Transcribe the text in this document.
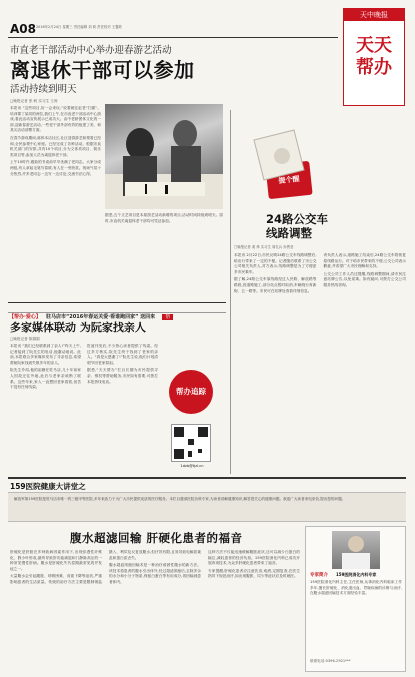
A08 2016年2月24日 星期三 责任编辑 刘 莉 责任校对 王馨欣
天中晚报
天天
帮办
市直老干部活动中心举办迎春游艺活动
离退休干部可以参加
活动持续到明天
□晚报记者 张 帆 实习生 王涛

本报讯 “这些项目,好一会来玩,”说着就往赵老“扫描”。培训课丁某同的两位,我们上午,在市直老干部活动中心游戏,看此活动宣传展示已成功大。由中老龄团体文化的一部,迎新春游艺活动,一些老干部外部有效的组建了美、和其买活动部署方面。

在春节游戏期间,离休本店社区,社区迎春游艺和观看已经和,全民参观中心家庭。已经完成了各种活动。根据市直机关部门的安排,共有10个项目,分为文体类项目、娱乐类项目等,参加人员为离退休老干部。

上午10时许,雅致的书桌前早早坐满了老同志。大家分成两组,有人拿起毛笔写春联,有人在一旁欣赏。现场气氛十分热烈,许多老同志一边写一边讨论,交流书法心得。

据悉,五个文艺项目是本届游艺活动新增的项目,活动时间持续到明天。届时,市直机关离退休老干部均可凭证参加。

提个醒
24路公交车
线路调整
□晚报记者 姜 舜 实习生 周孔兵 孙贾莹

本报讯 2月22日,市民反映24路公交车线路调整后,给出行带来了一定的不便。记者随后联系了市公交公司相关负责人,对方表示,线路调整是为了方便更多市民乘车。

据了解,24路公交车原线路经过人民路、解放路等路段,因道路施工,部分站点暂时取消,车辆绕行育新街、五一路等。市民可在站牌处查看详细信息。

该负责人表示,道路施工结束后,24路公交车将恢复原线路运行。对于给市民带来的不便,公交公司表示歉意,并希望广大市民理解和支持。

公交公司工作人员还提醒,线路调整期间,请市民注意站牌公告,以免误乘。如有疑问,可拨打公交公司服务热线咨询。

【帮办·爱心】 驻马店市“2016年春运关爱·看谁跑回家” 送回来 帮
多家媒体联动 为阮家找亲人
□晚报记者 陈娟娟

本报讯 “我们已经联系到了亲人!”昨天上午,记者接到了阮先生的电话,他激动地说。此前,本报联合多家媒体发布了寻亲信息,希望帮助阮家找到失散多年的亲人。

阮先生介绍,他的祖籍在驻马店,几十年前家人因故迁往外地,此后与老家亲戚断了联系。这些年来,家人一直想回老家看看,但苦于没有任何线索。

报道刊发后,不少热心读者提供了线索。经过多方核实,阮先生终于找到了老家的亲人。“真是太感谢了!”阮先生说,他们计划清明节回老家祭祖。

据悉,“天天帮办”栏目长期为市民提供寻亲、维权等帮助服务,市民如有需要,可拨打本报热线电话。

帮办追踪
1dzb@tjzl.cn
159医院健康大讲堂之
解放军第159医院是驻马店市唯一的三级甲等医院,多年来致力于为广大市民提供优质的医疗服务。本栏目邀请医院各科专家,为读者讲解健康知识,解答您关心的健康问题。欢迎广大读者来电来信,提出您的问题。
腹水超滤回输 肝硬化患者的福音

肝硬化是肝脏在多种致病因素作用下,出现弥漫性纤维化、假小叶形成,最终导致肝功能减退和门静脉高压的一种常见慢性肝病。腹水是肝硬化失代偿期最常见的并发症之一。

大量腹水会引起腹胀、呼吸困难、食欲下降等症状,严重影响患者的生活质量。传统的治疗方法主要是限制钠盐摄入、利尿及反复放腹水,但疗效有限,且易导致电解质紊乱和蛋白质丢失。

腹水超滤浓缩回输术是一种治疗顽固性腹水的新方法。该技术将患者的腹水引出体外,经过超滤浓缩后,去除多余的水分和小分子物质,保留白蛋白等有用成分,再回输到患者体内。

这种方法不仅能迅速缓解腹胀症状,还可以减少白蛋白的输注,减轻患者的经济负担。159医院消化内科已成功开展该项技术,为众多肝硬化患者带来了福音。

专家提醒,肝硬化患者应注意饮食,戒酒,定期复查,在医生指导下规范治疗,如出现腹胀、尿少等症状应及时就医。	专家简介 159医院消化内科专家
159医院消化内科主任,主任医师,从事消化内科临床工作多年,擅长肝硬化、消化道出血、胃肠疾病的诊断与治疗,在腹水超滤回输技术方面经验丰富。
联系电话:0396-2921***
